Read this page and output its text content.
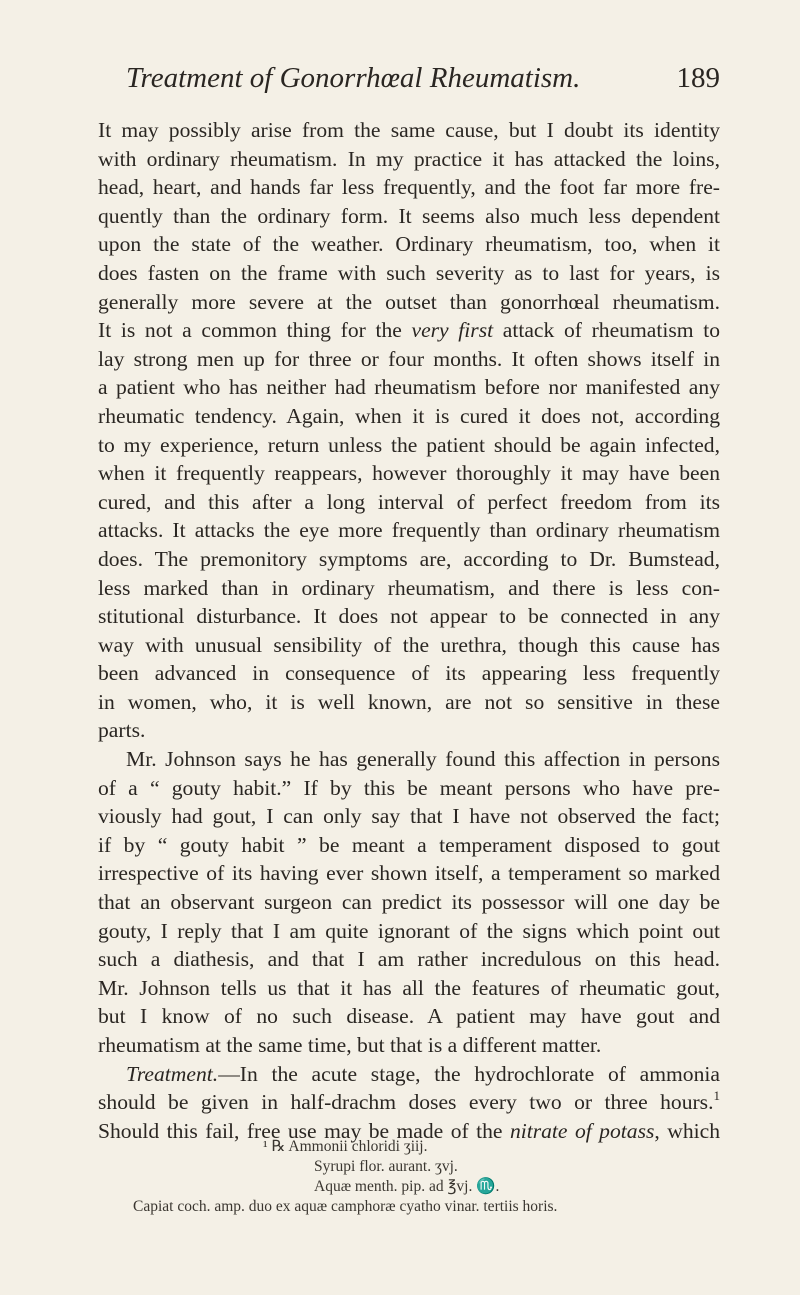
Treatment of Gonorrhœal Rheumatism.	189

It may possibly arise from the same cause, but I doubt its identity

with ordinary rheumatism. In my practice it has attacked the loins,

head, heart, and hands far less frequently, and the foot far more fre-

quently than the ordinary form. It seems also much less dependent

upon the state of the weather. Ordinary rheumatism, too, when it

does fasten on the frame with such severity as to last for years, is

generally more severe at the outset than gonorrhœal rheumatism.

It is not a common thing for the very first attack of rheumatism to

lay strong men up for three or four months. It often shows itself in

a patient who has neither had rheumatism before nor manifested any

rheumatic tendency. Again, when it is cured it does not, according

to my experience, return unless the patient should be again infected,

when it frequently reappears, however thoroughly it may have been

cured, and this after a long interval of perfect freedom from its

attacks. It attacks the eye more frequently than ordinary rheumatism

does. The premonitory symptoms are, according to Dr. Bumstead,

less marked than in ordinary rheumatism, and there is less con-

stitutional disturbance. It does not appear to be connected in any

way with unusual sensibility of the urethra, though this cause has

been advanced in consequence of its appearing less frequently

in women, who, it is well known, are not so sensitive in these

parts.

Mr. Johnson says he has generally found this affection in persons

of a “ gouty habit.” If by this be meant persons who have pre-

viously had gout, I can only say that I have not observed the fact;

if by “ gouty habit ” be meant a temperament disposed to gout

irrespective of its having ever shown itself, a temperament so marked

that an observant surgeon can predict its possessor will one day be

gouty, I reply that I am quite ignorant of the signs which point out

such a diathesis, and that I am rather incredulous on this head.

Mr. Johnson tells us that it has all the features of rheumatic gout,

but I know of no such disease. A patient may have gout and

rheumatism at the same time, but that is a different matter.

Treatment.—In the acute stage, the hydrochlorate of ammonia

should be given in half-drachm doses every two or three hours.$^1$

Should this fail, free use may be made of the nitrate of potass, which

¹ ℞ Ammonii chloridi ʒiij.
Syrupi flor. aurant. ʒvj.
Aquæ menth. pip. ad ℥vj. ♏.
Capiat coch. amp. duo ex aquæ camphoræ cyatho vinar. tertiis horis.
